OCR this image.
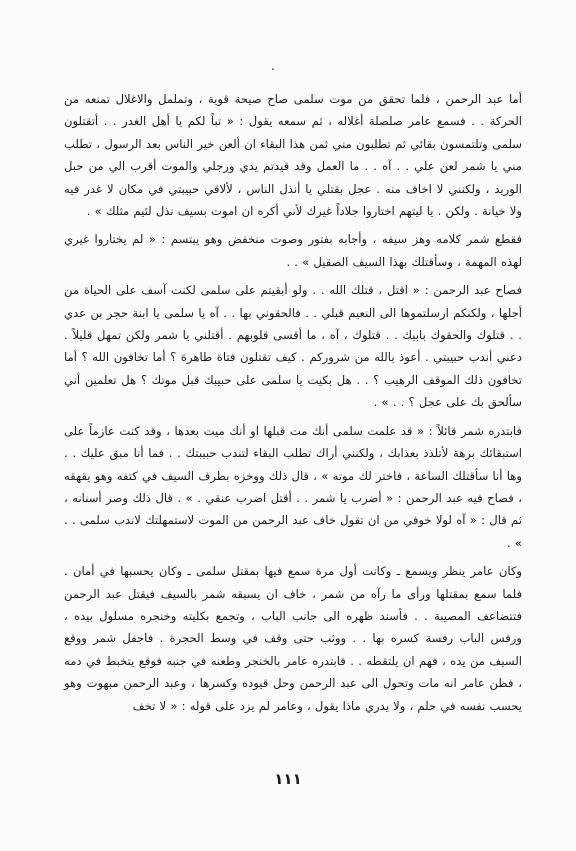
.

أما عبد الرحمن ، فلما تحقق من موت سلمى صاح صيحة قوية ، وتململ والاغلال تمنعه من الحركة . . فسمع عامر صلصلة أغلاله ، ثم سمعه يقول : « تباً لكم يا أهل الغدر . . أتقتلون سلمى وتلتمسون بقائي ثم تطلبون مني ثمن هذا البقاء ان ألعن خير الناس بعد الرسول ، تطلب مني يا شمر لعن علي . . آه . . ما العمل وقد قيدتم يدي ورجلي والموت أقرب الي من حبل الوريد ، ولكنني لا اخاف منه . عجل بقتلي يا أنذل الناس ، لألاقي حبيبتي في مكان لا غدر فيه ولا خيانة . ولكن . يا ليتهم اختاروا جلاداً غيرك لأني أكره ان اموت بسيف نذل لئيم مثلك » .

فقطع شمر كلامه وهز سيفه ، وأجابه بفتور وصوت منخفض وهو يبتسم : « لم يختاروا غيري لهذه المهمة ، وسأقتلك بهذا السيف الصقيل » . .

فصاح عبد الرحمن : « اقتل ، قتلك الله . . ولو أبقيتم على سلمى لكنت آسف على الحياة من أجلها ، ولكنكم ارسلتموها الى النعيم قبلي . . فالحقوني بها . . آه يا سلمى يا ابنة حجر بن عدي . . قتلوك والحقوك بابيك . . قتلوك ، آه ، ما أقسى قلوبهم . أقتلني يا شمر ولكن تمهل قليلاً . دعني أندب حبيبتي . أعوذ بالله من شروركم . كيف تقتلون فتاة طاهرة ؟ أما تخافون الله ؟ أما تخافون ذلك الموقف الرهيب ؟ . . هل بكيت يا سلمى على حبيبك قبل موتك ؟ هل تعلمين أني سألحق بك على عجل ؟ . . » .

فابتدره شمر قائلاً : « قد علمت سلمى أنك مت قبلها او أنك ميت بعدها ، وقد كنت عازماً على استبقائك برهة لأتلذذ بعذابك ، ولكنني أراك تطلب البقاء لتندب حبيبتك . . فما أنا مبق عليك . . وها أنا سأقتلك الساعة ، فاختر لك موته » ، قال ذلك ووخزه بطرف السيف في كتفه وهو يقهقه ، فصاح فيه عبد الرحمن : « أضرب يا شمر . . أقتل اضرب عنقي . » . قال ذلك وصر أسنانه ، ثم قال : « آه لولا خوفي من ان تقول خاف عبد الرحمن من الموت لاستمهلتك لاندب سلمى . . » .

وكان عامر ينظر ويسمع ـ وكانت أول مرة سمع فيها بمقتل سلمى ـ وكان يحسبها في أمان . فلما سمع بمقتلها ورأى ما رآه من شمر ، خاف ان يسبقه شمر بالسيف فيقتل عبد الرحمن فتتضاعف المصيبة . . فأسند ظهره الى جانب الباب ، وتجمع بكليته وخنجره مسلول بيده ، ورفس الباب رفسة كسره بها . . ووثب حتى وقف في وسط الحجرة . فاجفل شمر ووقع السيف من يده ، فهم ان يلتقطه . . فابتدره عامر بالخنجر وطعنه في جنبه فوقع يتخبط في دمه ، فظن عامر انه مات وتحول الى عبد الرحمن وحل قيوده وكسرها ، وعبد الرحمن مبهوت وهو يحسب نفسه في حلم ، ولا يدري ماذا يقول ، وعامر لم يزد على قوله : « لا تخف

١١١
